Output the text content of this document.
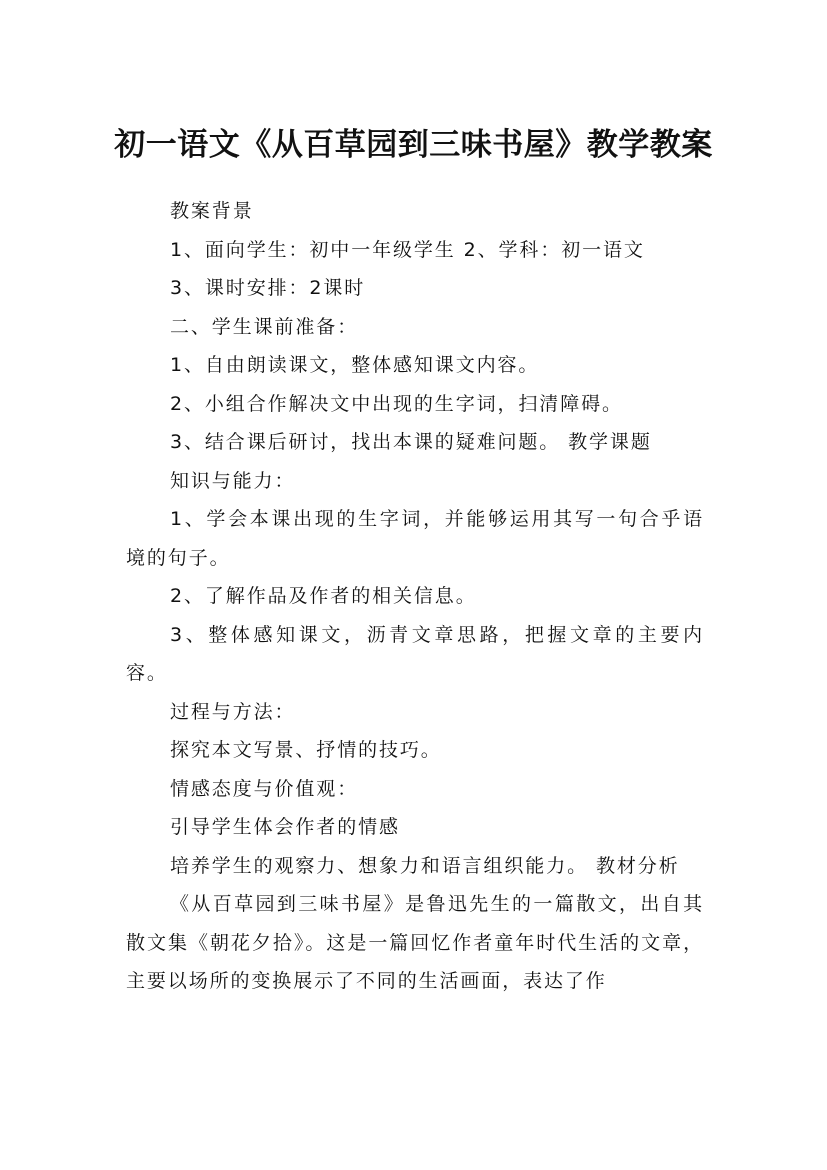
初一语文《从百草园到三味书屋》教学教案

教案背景

1、面向学生：初中一年级学生 2、学科：初一语文

3、课时安排：2课时

二、学生课前准备：

1、自由朗读课文，整体感知课文内容。

2、小组合作解决文中出现的生字词，扫清障碍。

3、结合课后研讨，找出本课的疑难问题。 教学课题

知识与能力：

1、学会本课出现的生字词，并能够运用其写一句合乎语境的句子。

2、了解作品及作者的相关信息。

3、整体感知课文，沥青文章思路，把握文章的主要内容。

过程与方法：

探究本文写景、抒情的技巧。

情感态度与价值观：

引导学生体会作者的情感

培养学生的观察力、想象力和语言组织能力。 教材分析

《从百草园到三味书屋》是鲁迅先生的一篇散文，出自其散文集《朝花夕拾》。这是一篇回忆作者童年时代生活的文章，主要以场所的变换展示了不同的生活画面，表达了作
